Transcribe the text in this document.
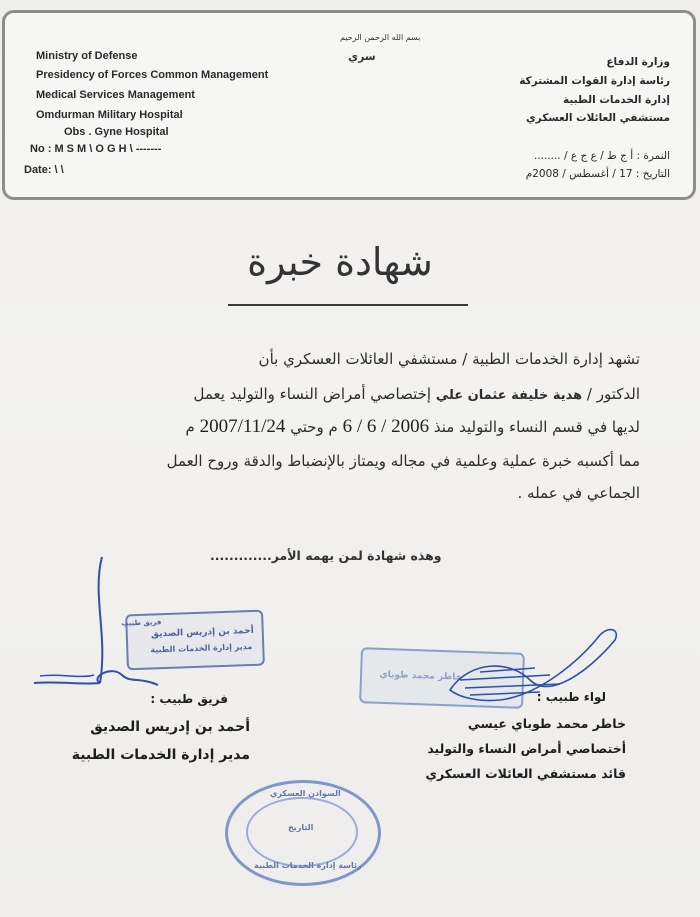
بسم الله الرحمن الرحيم
سري
Ministry of Defense
Presidency of Forces Common Management
Medical Services Management
Omdurman Military Hospital
Obs . Gyne Hospital
No : M S M \ O G H \ -------
Date: \ \
وزارة الدفاع
رئاسة إدارة القوات المشتركة
إدارة الخدمات الطبية
مستشفي العائلات العسكري
النمرة : أ ج ط / ع ج ع / ........
التاريخ : 17 / أغسطس / 2008م
شهادة خبرة
تشهد إدارة الخدمات الطبية / مستشفي العائلات العسكري بأن
الدكتور / هدية خليفة عثمان علي إختصاصي أمراض النساء والتوليد يعمل
لديها في قسم النساء والتوليد منذ 6 / 6 / 2006 م وحتي 2007/11/24 م
مما أكسبه خبرة عملية وعلمية في مجاله ويمتاز بالإنضباط والدقة وروح العمل
الجماعي في عمله .
وهذه شهادة لمن يهمه الأمر.............
فريق طبيب
أحمد بن إدريس الصديق
مدير إدارة الخدمات الطبية
خاطر محمد طوباي
فريق طبيب :
أحمد بن إدريس الصديق
مدير إدارة الخدمات الطبية
لواء طبيب :
خاطر محمد طوباي عيسي
أختصاصي أمراض النساء والتوليد
قائد مستشفي العائلات العسكري
السوادن العسكري
التاريخ
رئاسة إدارة الخدمات الطبية
